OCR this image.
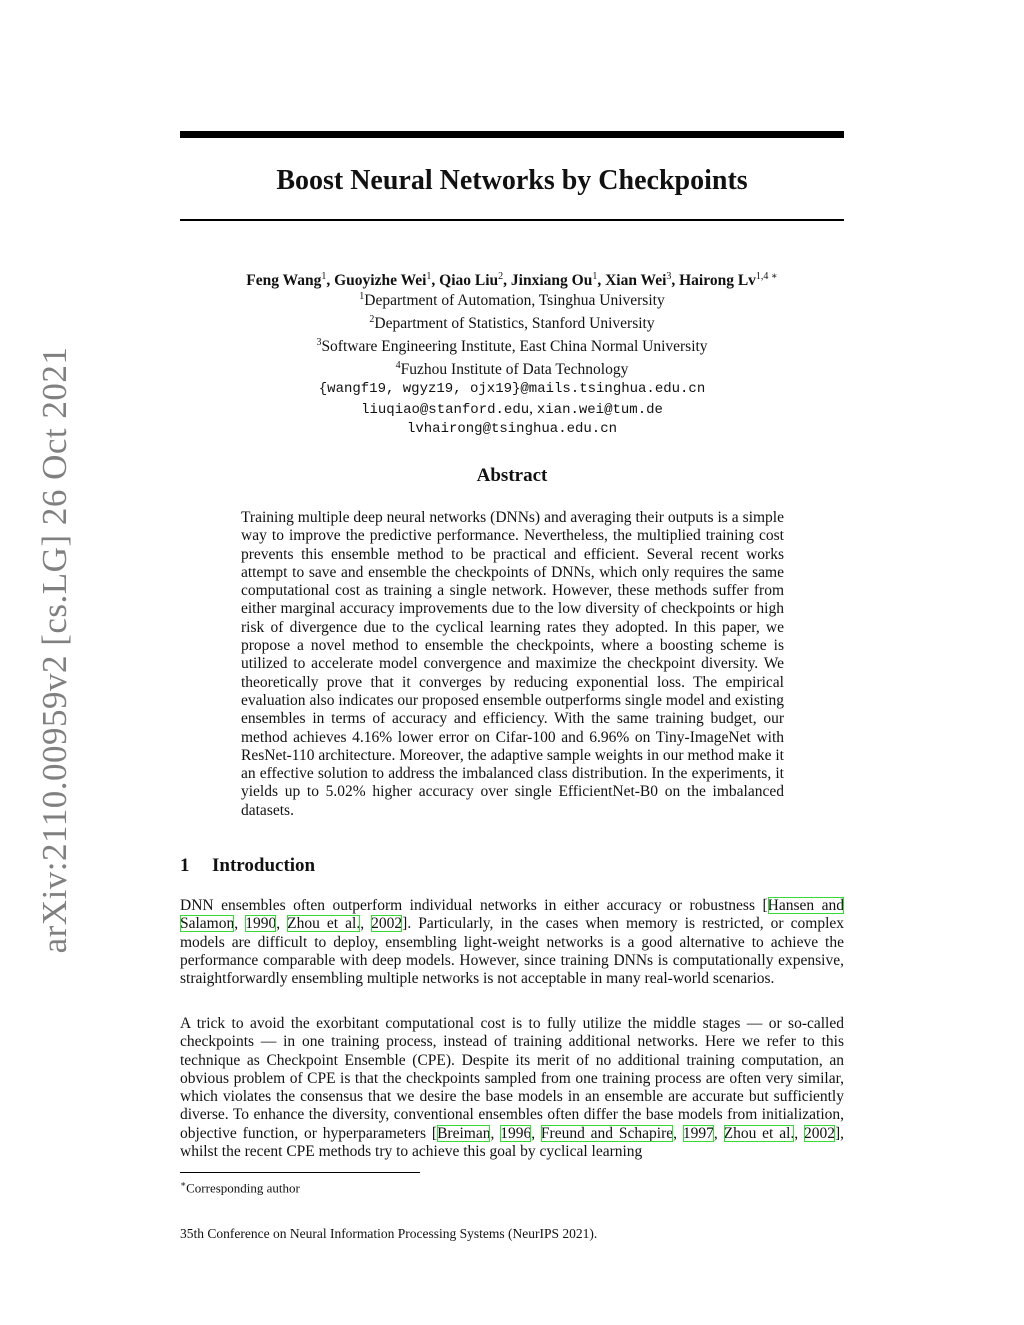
arXiv:2110.00959v2 [cs.LG] 26 Oct 2021
Boost Neural Networks by Checkpoints
Feng Wang$^1$, Guoyizhe Wei$^1$, Qiao Liu$^2$, Jinxiang Ou$^1$, Xian Wei$^3$, Hairong $Lv^{1,4 ∗}$
$^1$Department of Automation, Tsinghua University
$^2$Department of Statistics, Stanford University
$^3$Software Engineering Institute, East China Normal University
$^4$Fuzhou Institute of Data Technology
{wangf19, wgyz19, ojx19}@mails.tsinghua.edu.cn
liuqiao@stanford.edu, xian.wei@tum.de
lvhairong@tsinghua.edu.cn
Abstract

Training multiple deep neural networks (DNNs) and averaging their outputs is a simple way to improve the predictive performance. Nevertheless, the multiplied training cost prevents this ensemble method to be practical and efficient. Several recent works attempt to save and ensemble the checkpoints of DNNs, which only requires the same computational cost as training a single network. However, these methods suffer from either marginal accuracy improvements due to the low diversity of checkpoints or high risk of divergence due to the cyclical learning rates they adopted. In this paper, we propose a novel method to ensemble the checkpoints, where a boosting scheme is utilized to accelerate model convergence and maximize the checkpoint diversity. We theoretically prove that it converges by reducing exponential loss. The empirical evaluation also indicates our proposed ensemble outperforms single model and existing ensembles in terms of accuracy and efficiency. With the same training budget, our method achieves 4.16% lower error on Cifar-100 and 6.96% on Tiny-ImageNet with ResNet-110 architecture. Moreover, the adaptive sample weights in our method make it an effective solution to address the imbalanced class distribution. In the experiments, it yields up to 5.02% higher accuracy over single EfficientNet-B0 on the imbalanced datasets.

1 Introduction

DNN ensembles often outperform individual networks in either accuracy or robustness [Hansen and Salamon, 1990, Zhou et al., 2002]. Particularly, in the cases when memory is restricted, or complex models are difficult to deploy, ensembling light-weight networks is a good alternative to achieve the performance comparable with deep models. However, since training DNNs is computationally expensive, straightforwardly ensembling multiple networks is not acceptable in many real-world scenarios.

A trick to avoid the exorbitant computational cost is to fully utilize the middle stages — or so-called checkpoints — in one training process, instead of training additional networks. Here we refer to this technique as Checkpoint Ensemble (CPE). Despite its merit of no additional training computation, an obvious problem of CPE is that the checkpoints sampled from one training process are often very similar, which violates the consensus that we desire the base models in an ensemble are accurate but sufficiently diverse. To enhance the diversity, conventional ensembles often differ the base models from initialization, objective function, or hyperparameters [Breiman, 1996, Freund and Schapire, 1997, Zhou et al., 2002], whilst the recent CPE methods try to achieve this goal by cyclical learning

∗Corresponding author
35th Conference on Neural Information Processing Systems (NeurIPS 2021).
